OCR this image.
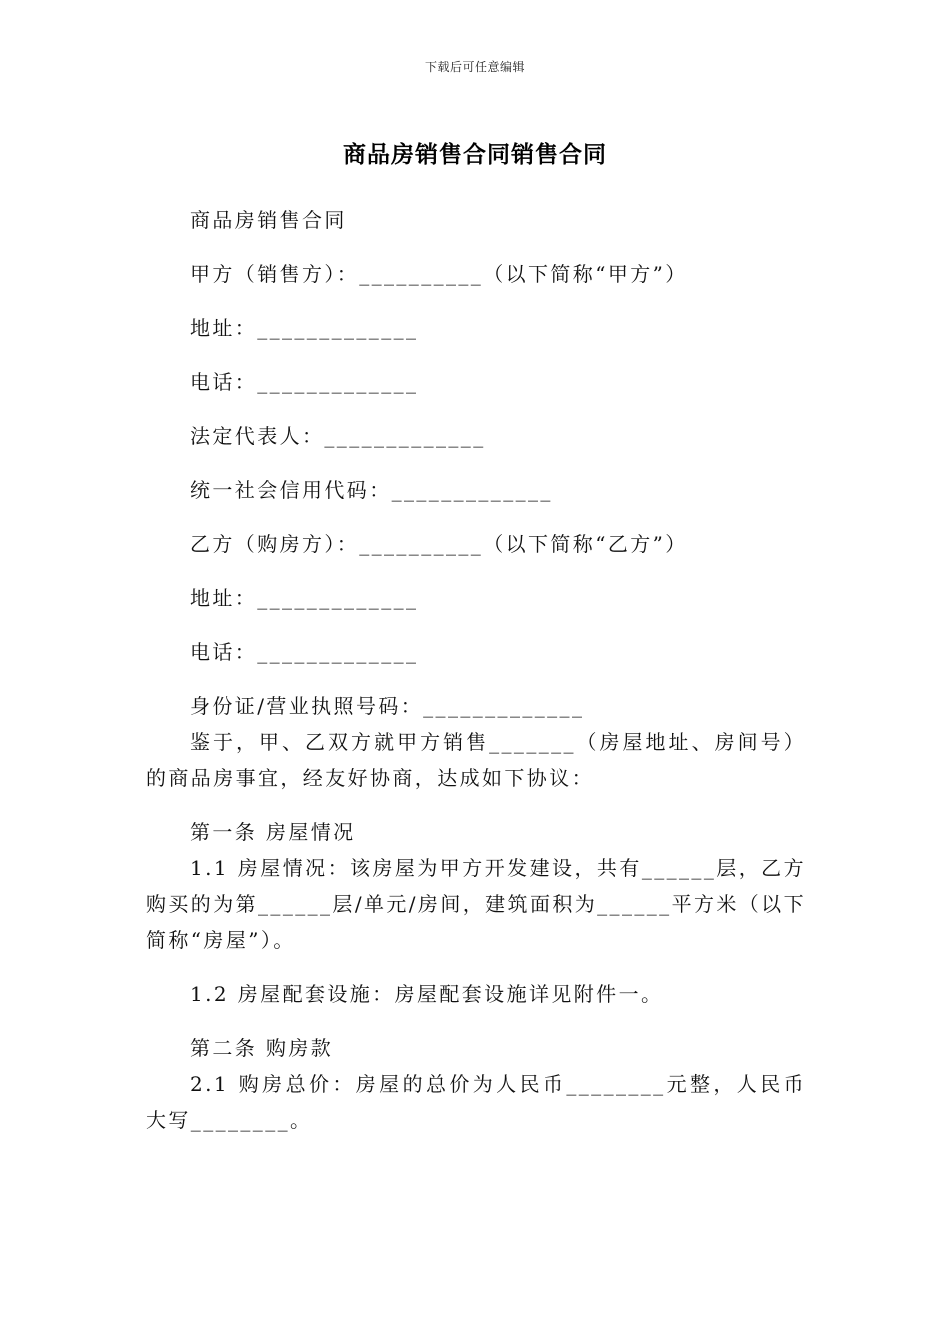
下载后可任意编辑
商品房销售合同销售合同

商品房销售合同

甲方（销售方）：__________（以下简称“甲方”）

地址：_____________

电话：_____________

法定代表人：_____________

统一社会信用代码：_____________

乙方（购房方）：__________（以下简称“乙方”）

地址：_____________

电话：_____________

身份证/营业执照号码：_____________

鉴于，甲、乙双方就甲方销售_______（房屋地址、房间号）的商品房事宜，经友好协商，达成如下协议：

第一条 房屋情况

1.1 房屋情况：该房屋为甲方开发建设，共有______层，乙方购买的为第______层/单元/房间，建筑面积为______平方米（以下简称“房屋”）。

1.2 房屋配套设施：房屋配套设施详见附件一。

第二条 购房款

2.1 购房总价：房屋的总价为人民币________元整，人民币大写________。
